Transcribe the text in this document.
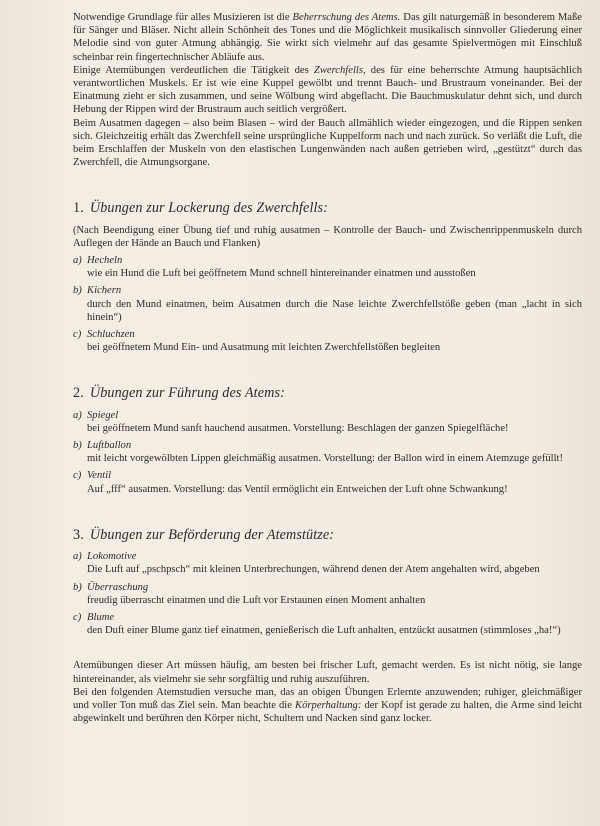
Notwendige Grundlage für alles Musizieren ist die Beherrschung des Atems. Das gilt naturgemäß in besonderem Maße für Sänger und Bläser. Nicht allein Schönheit des Tones und die Möglichkeit musikalisch sinnvoller Gliederung einer Melodie sind von guter Atmung abhängig. Sie wirkt sich vielmehr auf das gesamte Spielvermögen mit Einschluß scheinbar rein fingertechnischer Abläufe aus.

Einige Atemübungen verdeutlichen die Tätigkeit des Zwerchfells, des für eine beherrschte Atmung hauptsächlich verantwortlichen Muskels. Er ist wie eine Kuppel gewölbt und trennt Bauch- und Brustraum voneinander. Bei der Einatmung zieht er sich zusammen, und seine Wölbung wird abgeflacht. Die Bauchmuskulatur dehnt sich, und durch Hebung der Rippen wird der Brustraum auch seitlich vergrößert.

Beim Ausatmen dagegen – also beim Blasen – wird der Bauch allmählich wieder eingezogen, und die Rippen senken sich. Gleichzeitig erhält das Zwerchfell seine ursprüngliche Kuppelform nach und nach zurück. So verläßt die Luft, die beim Erschlaffen der Muskeln von den elastischen Lungenwänden nach außen getrieben wird, „gestützt“ durch das Zwerchfell, die Atmungsorgane.

1. Übungen zur Lockerung des Zwerchfells:

(Nach Beendigung einer Übung tief und ruhig ausatmen – Kontrolle der Bauch- und Zwischenrippenmuskeln durch Auflegen der Hände an Bauch und Flanken)

a) Hecheln

wie ein Hund die Luft bei geöffnetem Mund schnell hintereinander einatmen und ausstoßen

b) Kichern

durch den Mund einatmen, beim Ausatmen durch die Nase leichte Zwerchfellstöße geben (man „lacht in sich hinein“)

c) Schluchzen

bei geöffnetem Mund Ein- und Ausatmung mit leichten Zwerchfellstößen begleiten

2. Übungen zur Führung des Atems:
a) Spiegel

bei geöffnetem Mund sanft hauchend ausatmen. Vorstellung: Beschlagen der ganzen Spiegelfläche!

b) Luftballon

mit leicht vorgewölbten Lippen gleichmäßig ausatmen. Vorstellung: der Ballon wird in einem Atemzuge gefüllt!

c) Ventil

Auf „fff“ ausatmen. Vorstellung: das Ventil ermöglicht ein Entweichen der Luft ohne Schwankung!

3. Übungen zur Beförderung der Atemstütze:
a) Lokomotive

Die Luft auf „pschpsch“ mit kleinen Unterbrechungen, während denen der Atem angehalten wird, abgeben

b) Überraschung

freudig überrascht einatmen und die Luft vor Erstaunen einen Moment anhalten

c) Blume

den Duft einer Blume ganz tief einatmen, genießerisch die Luft anhalten, entzückt ausatmen (stimmloses „ha!“)

Atemübungen dieser Art müssen häufig, am besten bei frischer Luft, gemacht werden. Es ist nicht nötig, sie lange hintereinander, als vielmehr sie sehr sorgfältig und ruhig auszuführen.

Bei den folgenden Atemstudien versuche man, das an obigen Übungen Erlernte anzuwenden; ruhiger, gleichmäßiger und voller Ton muß das Ziel sein. Man beachte die Körperhaltung: der Kopf ist gerade zu halten, die Arme sind leicht abgewinkelt und berühren den Körper nicht, Schultern und Nacken sind ganz locker.
